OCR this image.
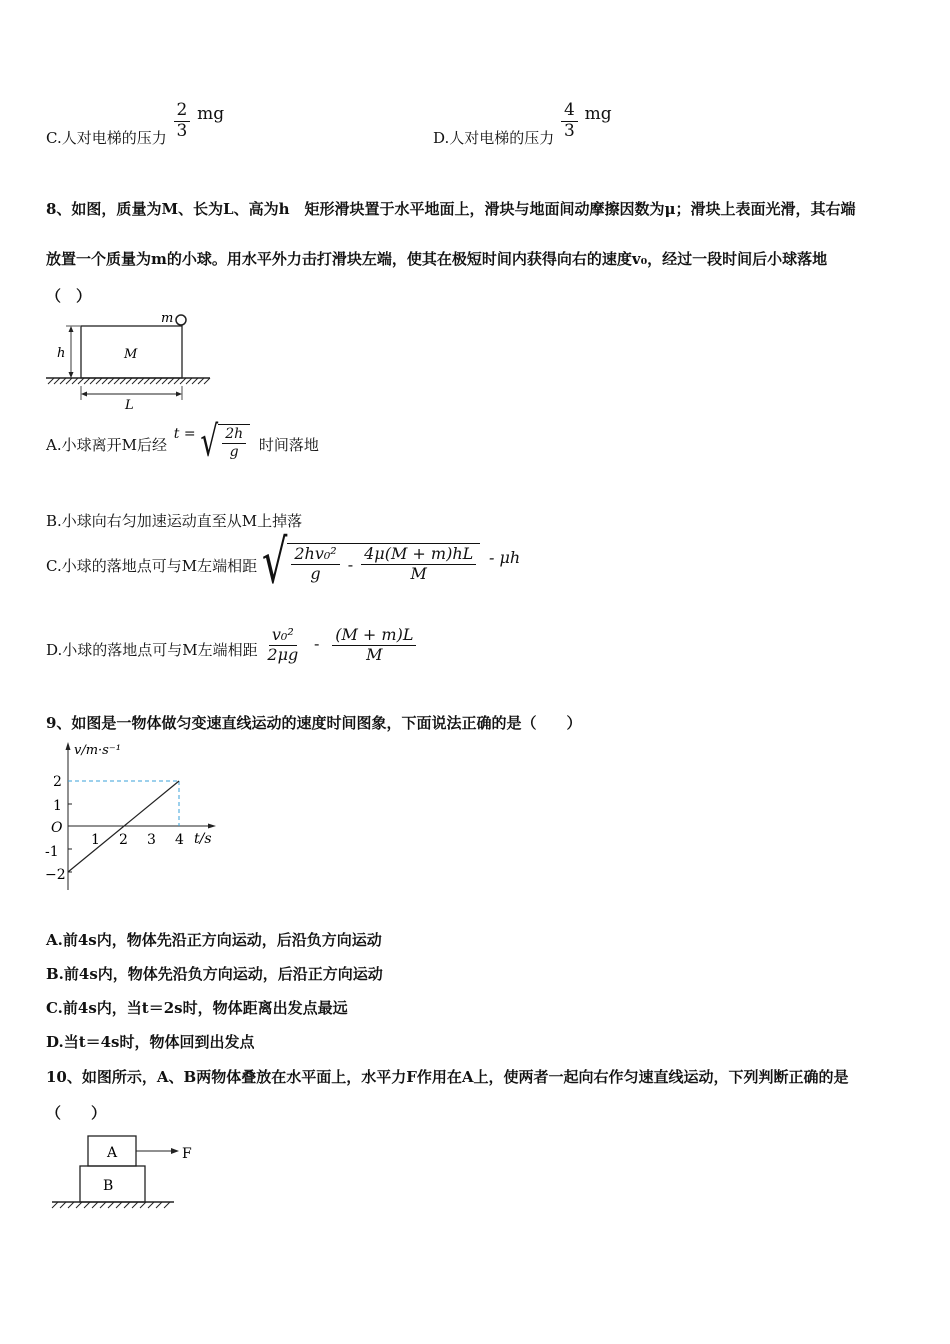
C.人对电梯的压力 $\frac{2}{3}$ mg
D.人对电梯的压力 $\frac{4}{3}$ mg
8、如图，质量为M、长为L、高为h　矩形滑块置于水平地面上，滑块与地面间动摩擦因数为μ；滑块上表面光滑，其右端
放置一个质量为m的小球。用水平外力击打滑块左端，使其在极短时间内获得向右的速度v₀，经过一段时间后小球落地
（　）
m
M
h
L
A.小球离开M后经 t = √ $\frac{2h}{g}$ 时间落地
B.小球向右匀加速运动直至从M上掉落
C.小球的落地点可与M左端相距 √ $\frac{\text{2hv₀²}}{g} - \frac{4\mu(M + m)hL}{M}$ - μh
D.小球的落地点可与M左端相距 $\frac{\text{v₀²}}{2\mu g} - \frac{(M + m)L}{M}$
9、如图是一物体做匀变速直线运动的速度时间图象，下面说法正确的是（　　）
v/m·s⁻¹
O
t/s
2
1
-1
−2
1 2 3 4
A.前4s内，物体先沿正方向运动，后沿负方向运动
B.前4s内，物体先沿负方向运动，后沿正方向运动
C.前4s内，当t＝2s时，物体距离出发点最远
D.当t＝4s时，物体回到出发点
10、如图所示，A、B两物体叠放在水平面上，水平力F作用在A上，使两者一起向右作匀速直线运动，下列判断正确的是
（　　）
A
B
F
